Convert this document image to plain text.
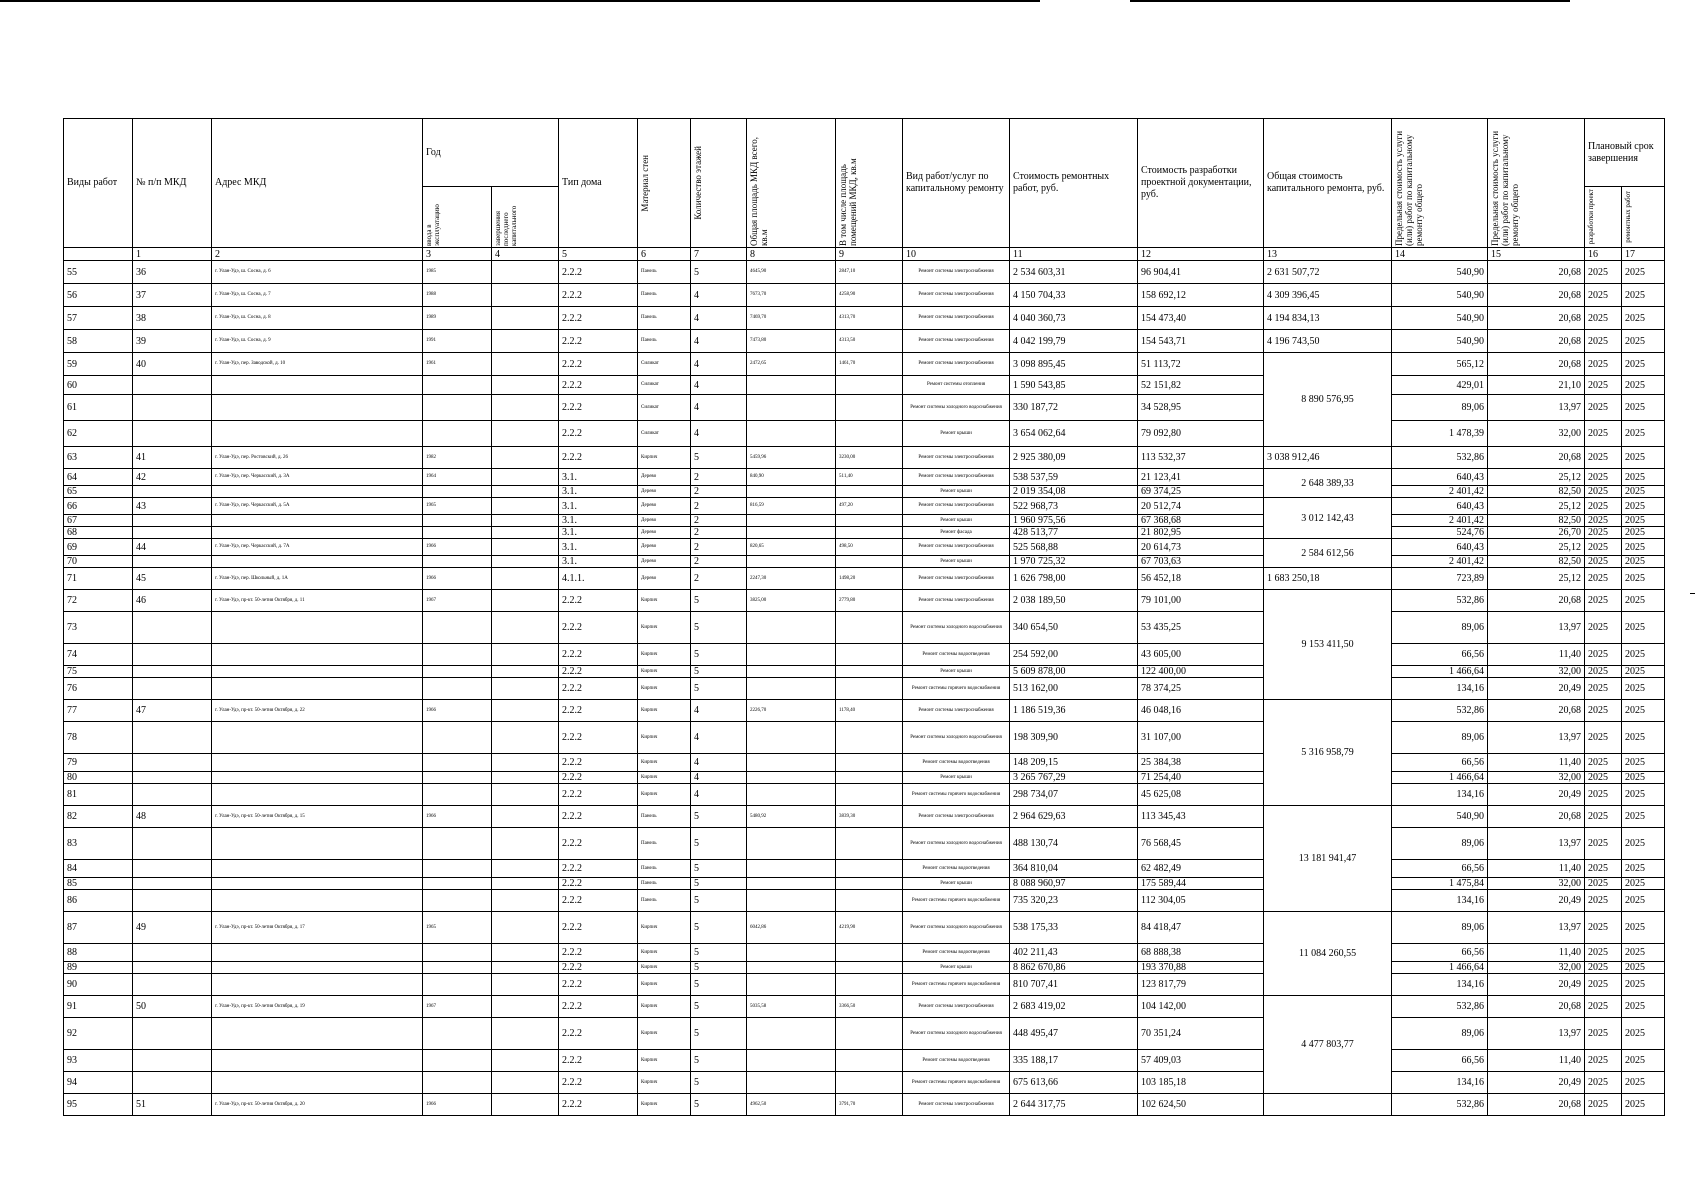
Виды работ	№ п/п МКД	Адрес МКД	Год		Тип дома	Материал стен	Количество этажей	Общая площадь МКД всего, кв.м	В том числе площадь помещений МКД, кв.м	Вид работ/услуг по капитальному ремонту	Стоимость ремонтных работ, руб.	Стоимость разработки проектной документации, руб.	Общая стоимость капитального ремонта, руб.	Предельная стоимость услуги (или) работ по капитальному ремонту общего	Предельная стоимость услуги (или) работ по капитальному ремонту общего	Плановый срок завершения	

			ввода в эксплуатацию	завершения последнего капитального												разработки проект	ремонтных работ

	1	2	3	4	5	6	7	8	9	10	11	12	13	14	15	16	17
55	36	г. Улан-Удэ, ш. Сосна, д. 6	1985		2.2.2	Панель	5	4645,90	2847,10	Ремонт системы электроснабжения	2 534 603,31	96 904,41	2 631 507,72	540,90	20,68	2025	2025
56	37	г. Улан-Удэ, ш. Сосна, д. 7	1988		2.2.2	Панель	4	7673,70	4258,90	Ремонт системы электроснабжения	4 150 704,33	158 692,12	4 309 396,45	540,90	20,68	2025	2025
57	38	г. Улан-Удэ, ш. Сосна, д. 8	1989		2.2.2	Панель	4	7469,70	4313,70	Ремонт системы электроснабжения	4 040 360,73	154 473,40	4 194 834,13	540,90	20,68	2025	2025
58	39	г. Улан-Удэ, ш. Сосна, д. 9	1991		2.2.2	Панель	4	7473,80	4313,50	Ремонт системы электроснабжения	4 042 199,79	154 543,71	4 196 743,50	540,90	20,68	2025	2025
59	40	г. Улан-Удэ, пер. Заводской, д. 10	1961		2.2.2	Силикат	4	2472,65	1461,70	Ремонт системы электроснабжения	3 098 895,45	51 113,72	8 890 576,95	565,12	20,68	2025	2025
60					2.2.2	Силикат	4			Ремонт системы отопления	1 590 543,85	52 151,82		429,01	21,10	2025	2025
61					2.2.2	Силикат	4			Ремонт системы холодного водоснабжения	330 187,72	34 528,95		89,06	13,97	2025	2025
62					2.2.2	Силикат	4			Ремонт крыши	3 654 062,64	79 092,80		1 478,39	32,00	2025	2025
63	41	г. Улан-Удэ, пер. Ростовский, д. 26	1982		2.2.2	Кирпич	5	5459,96	3230,00	Ремонт системы электроснабжения	2 925 380,09	113 532,37	3 038 912,46	532,86	20,68	2025	2025
64	42	г. Улан-Удэ, пер. Черкасский, д. 3А	1964		3.1.	Дерево	2	840,90	511,40	Ремонт системы электроснабжения	538 537,59	21 123,41	2 648 389,33	640,43	25,12	2025	2025
65					3.1.	Дерево	2			Ремонт крыши	2 019 354,08	69 374,25		2 401,42	82,50	2025	2025
66	43	г. Улан-Удэ, пер. Черкасский, д. 5А	1965		3.1.	Дерево	2	816,59	497,20	Ремонт системы электроснабжения	522 968,73	20 512,74	3 012 142,43	640,43	25,12	2025	2025
67					3.1.	Дерево	2			Ремонт крыши	1 960 975,56	67 368,68		2 401,42	82,50	2025	2025
68					3.1.	Дерево	2			Ремонт фасада	428 513,77	21 802,95		524,76	26,70	2025	2025
69	44	г. Улан-Удэ, пер. Черкасский, д. 7А	1966		3.1.	Дерево	2	820,65	498,50	Ремонт системы электроснабжения	525 568,88	20 614,73	2 584 612,56	640,43	25,12	2025	2025
70					3.1.	Дерево	2			Ремонт крыши	1 970 725,32	67 703,63		2 401,42	82,50	2025	2025
71	45	г. Улан-Удэ, пер. Школьный, д. 1А	1966		4.1.1.	Дерево	2	2247,30	1498,20	Ремонт системы электроснабжения	1 626 798,00	56 452,18	1 683 250,18	723,89	25,12	2025	2025
72	46	г. Улан-Удэ, пр-кт. 50-летия Октября, д. 11	1967		2.2.2	Кирпич	5	3825,00	2779,80	Ремонт системы электроснабжения	2 038 189,50	79 101,00	9 153 411,50	532,86	20,68	2025	2025
73					2.2.2	Кирпич	5			Ремонт системы холодного водоснабжения	340 654,50	53 435,25		89,06	13,97	2025	2025
74					2.2.2	Кирпич	5			Ремонт системы водоотведения	254 592,00	43 605,00		66,56	11,40	2025	2025
75					2.2.2	Кирпич	5			Ремонт крыши	5 609 878,00	122 400,00		1 466,64	32,00	2025	2025
76					2.2.2	Кирпич	5			Ремонт системы горячего водоснабжения	513 162,00	78 374,25		134,16	20,49	2025	2025
77	47	г. Улан-Удэ, пр-кт. 50-летия Октября, д. 22	1966		2.2.2	Кирпич	4	2226,70	1178,40	Ремонт системы электроснабжения	1 186 519,36	46 048,16	5 316 958,79	532,86	20,68	2025	2025
78					2.2.2	Кирпич	4			Ремонт системы холодного водоснабжения	198 309,90	31 107,00		89,06	13,97	2025	2025
79					2.2.2	Кирпич	4			Ремонт системы водоотведения	148 209,15	25 384,38		66,56	11,40	2025	2025
80					2.2.2	Кирпич	4			Ремонт крыши	3 265 767,29	71 254,40		1 466,64	32,00	2025	2025
81					2.2.2	Кирпич	4			Ремонт системы горячего водоснабжения	298 734,07	45 625,08		134,16	20,49	2025	2025
82	48	г. Улан-Удэ, пр-кт. 50-летия Октября, д. 15	1966		2.2.2	Панель	5	5480,92	3839,30	Ремонт системы электроснабжения	2 964 629,63	113 345,43	13 181 941,47	540,90	20,68	2025	2025
83					2.2.2	Панель	5			Ремонт системы холодного водоснабжения	488 130,74	76 568,45		89,06	13,97	2025	2025
84					2.2.2	Панель	5			Ремонт системы водоотведения	364 810,04	62 482,49		66,56	11,40	2025	2025
85					2.2.2	Панель	5			Ремонт крыши	8 088 960,97	175 589,44		1 475,84	32,00	2025	2025
86					2.2.2	Панель	5			Ремонт системы горячего водоснабжения	735 320,23	112 304,05		134,16	20,49	2025	2025
87	49	г. Улан-Удэ, пр-кт. 50-летия Октября, д. 17	1965		2.2.2	Кирпич	5	6042,86	4219,90	Ремонт системы холодного водоснабжения	538 175,33	84 418,47	11 084 260,55	89,06	13,97	2025	2025
88					2.2.2	Кирпич	5			Ремонт системы водоотведения	402 211,43	68 888,38		66,56	11,40	2025	2025
89					2.2.2	Кирпич	5			Ремонт крыши	8 862 670,86	193 370,88		1 466,64	32,00	2025	2025
90					2.2.2	Кирпич	5			Ремонт системы горячего водоснабжения	810 707,41	123 817,79		134,16	20,49	2025	2025
91	50	г. Улан-Удэ, пр-кт. 50-летия Октября, д. 19	1967		2.2.2	Кирпич	5	5035,58	3366,50	Ремонт системы электроснабжения	2 683 419,02	104 142,00	4 477 803,77	532,86	20,68	2025	2025
92					2.2.2	Кирпич	5			Ремонт системы холодного водоснабжения	448 495,47	70 351,24		89,06	13,97	2025	2025
93					2.2.2	Кирпич	5			Ремонт системы водоотведения	335 188,17	57 409,03		66,56	11,40	2025	2025
94					2.2.2	Кирпич	5			Ремонт системы горячего водоснабжения	675 613,66	103 185,18		134,16	20,49	2025	2025
95	51	г. Улан-Удэ, пр-кт. 50-летия Октября, д. 20	1966		2.2.2	Кирпич	5	4962,50	3791,70	Ремонт системы электроснабжения	2 644 317,75	102 624,50		532,86	20,68	2025	2025
